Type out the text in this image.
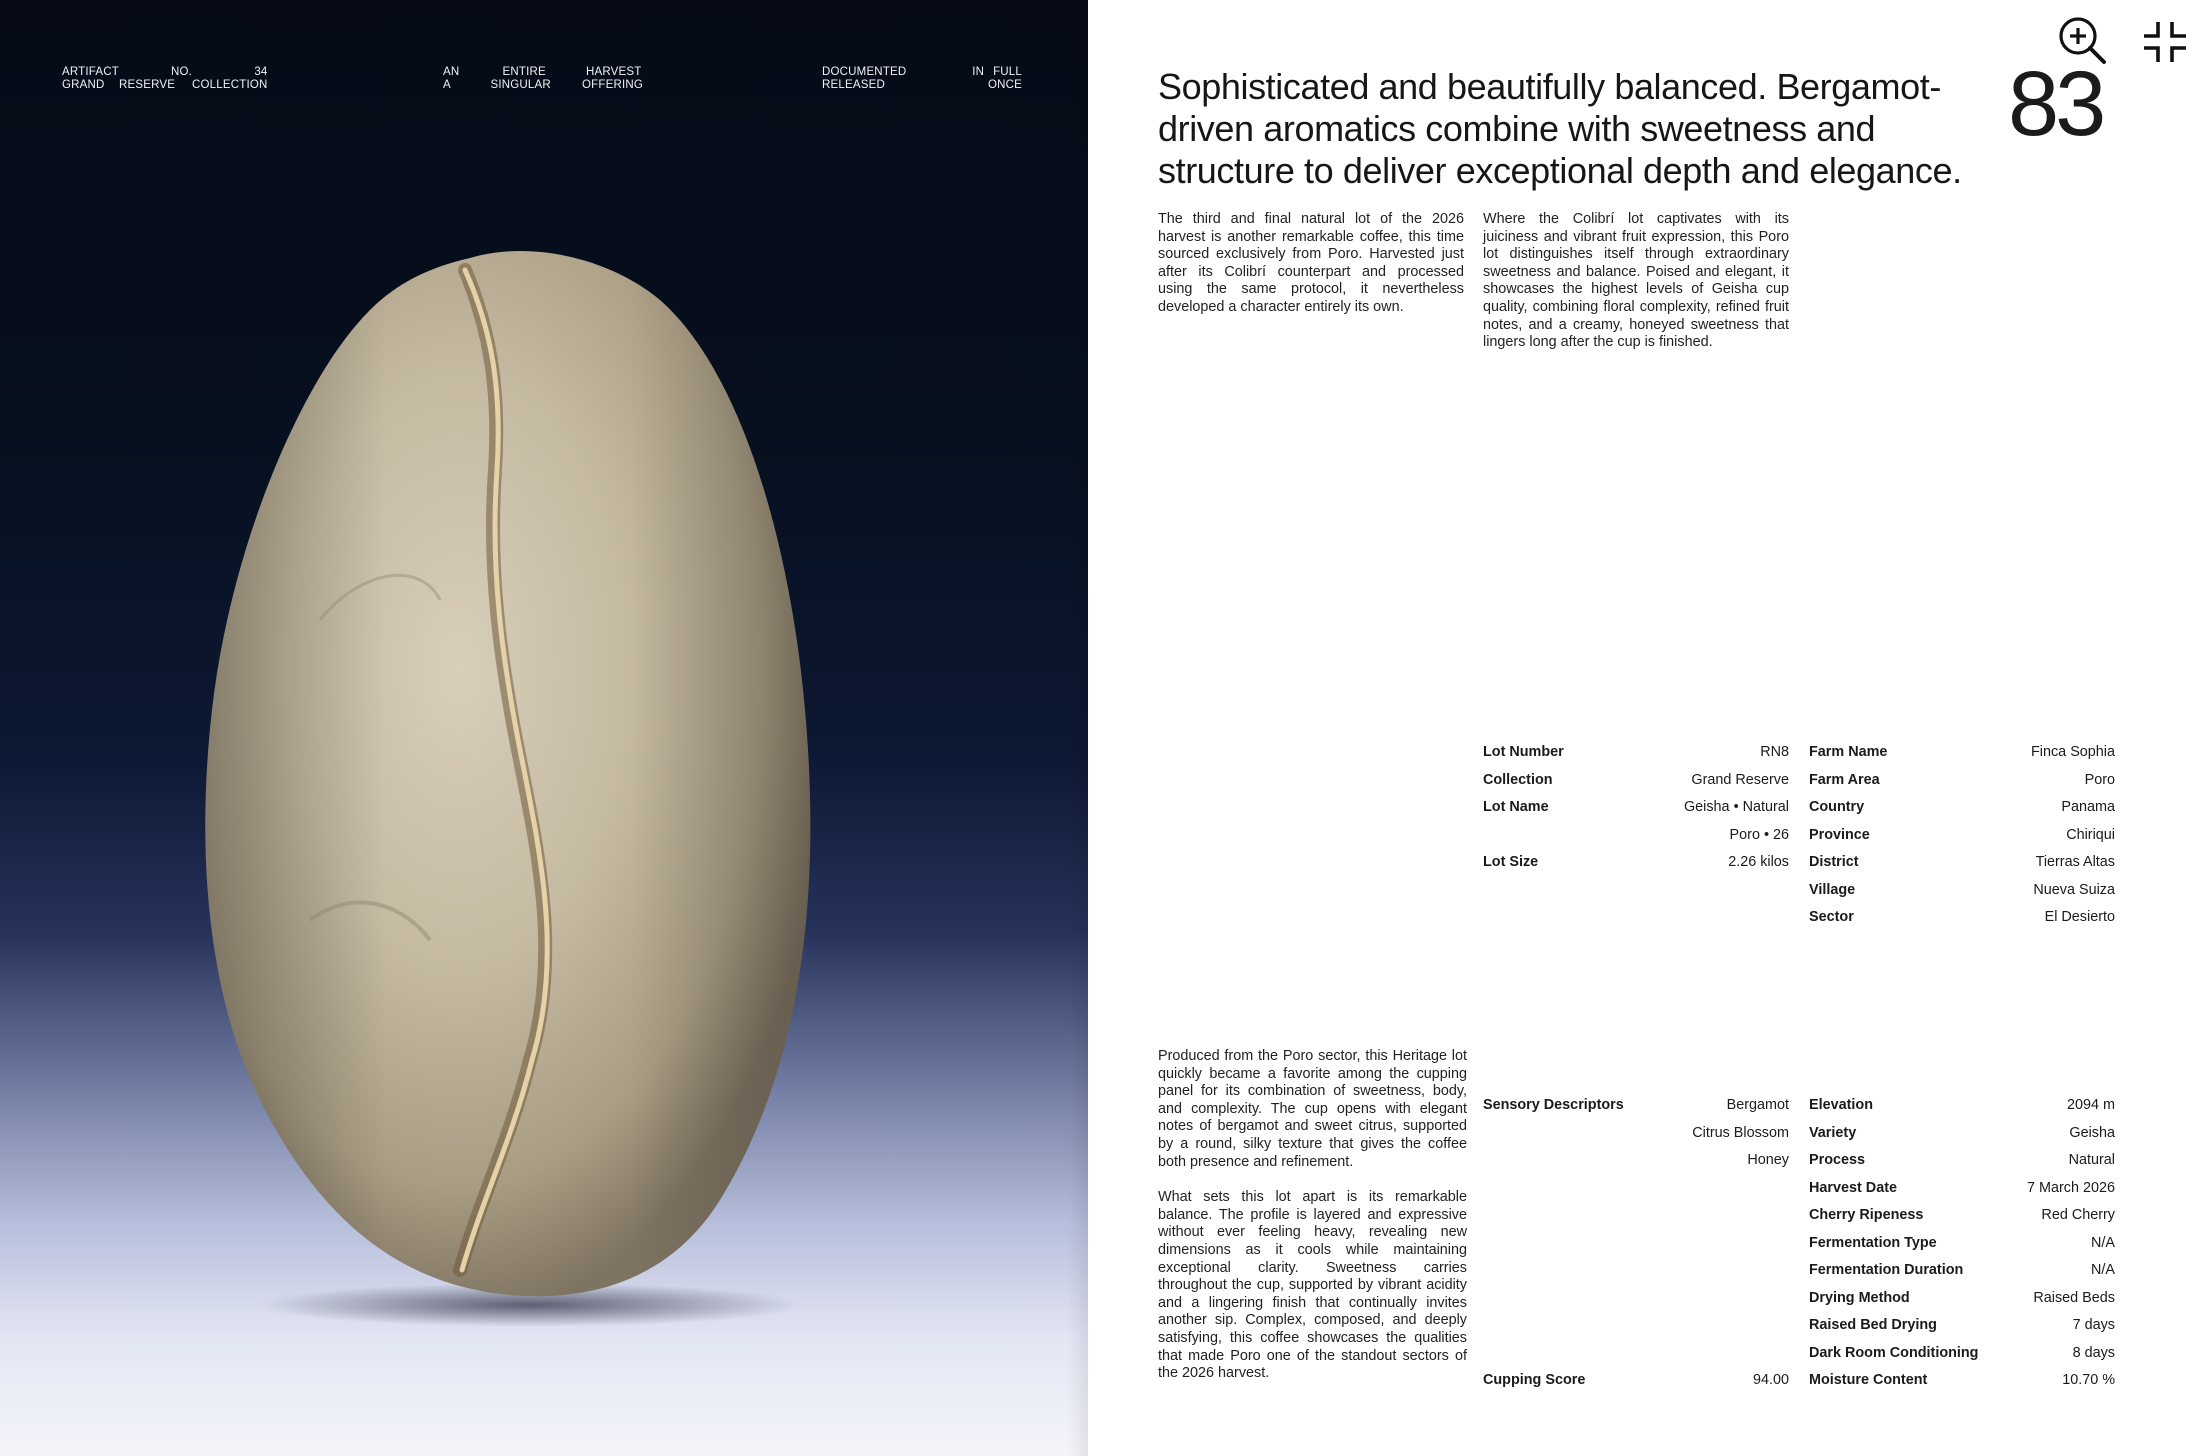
ARTIFACT
GRAND
NO.
RESERVE
34
COLLECTION
AN
A
ENTIRE
SINGULAR
HARVEST
OFFERING
DOCUMENTED
RELEASED
IN FULL
ONCE	83
Sophisticated and beautifully balanced. Bergamot-driven aromatics combine with sweetness and structure to deliver exceptional depth and elegance.
The third and final natural lot of the 2026 harvest is another remarkable coffee, this time sourced exclusively from Poro. Harvested just after its Colibrí counterpart and processed using the same protocol, it nevertheless developed a character entirely its own.
Where the Colibrí lot captivates with its juiciness and vibrant fruit expression, this Poro lot distinguishes itself through extraordinary sweetness and balance. Poised and elegant, it showcases the highest levels of Geisha cup quality, combining floral complexity, refined fruit notes, and a creamy, honeyed sweetness that lingers long after the cup is finished.
Lot Number	RN8
Collection	Grand Reserve
Lot Name	Geisha • Natural
Poro • 26
Lot Size	2.26 kilos
Farm Name	Finca Sophia
Farm Area	Poro
Country	Panama
Province	Chiriqui
District	Tierras Altas
Village	Nueva Suiza
Sector	El Desierto

Produced from the Poro sector, this Heritage lot quickly became a favorite among the cupping panel for its combination of sweetness, body, and complexity. The cup opens with elegant notes of bergamot and sweet citrus, supported by a round, silky texture that gives the coffee both presence and refinement.

What sets this lot apart is its remarkable balance. The profile is layered and expressive without ever feeling heavy, revealing new dimensions as it cools while maintaining exceptional clarity. Sweetness carries throughout the cup, supported by vibrant acidity and a lingering finish that continually invites another sip. Complex, composed, and deeply satisfying, this coffee showcases the qualities that made Poro one of the standout sectors of the 2026 harvest.

Sensory Descriptors	Bergamot
Citrus Blossom
Honey
Cupping Score	94.00
Elevation	2094 m
Variety	Geisha
Process	Natural
Harvest Date	7 March 2026
Cherry Ripeness	Red Cherry
Fermentation Type	N/A
Fermentation Duration	N/A
Drying Method	Raised Beds
Raised Bed Drying	7 days
Dark Room Conditioning	8 days
Moisture Content	10.70 %
